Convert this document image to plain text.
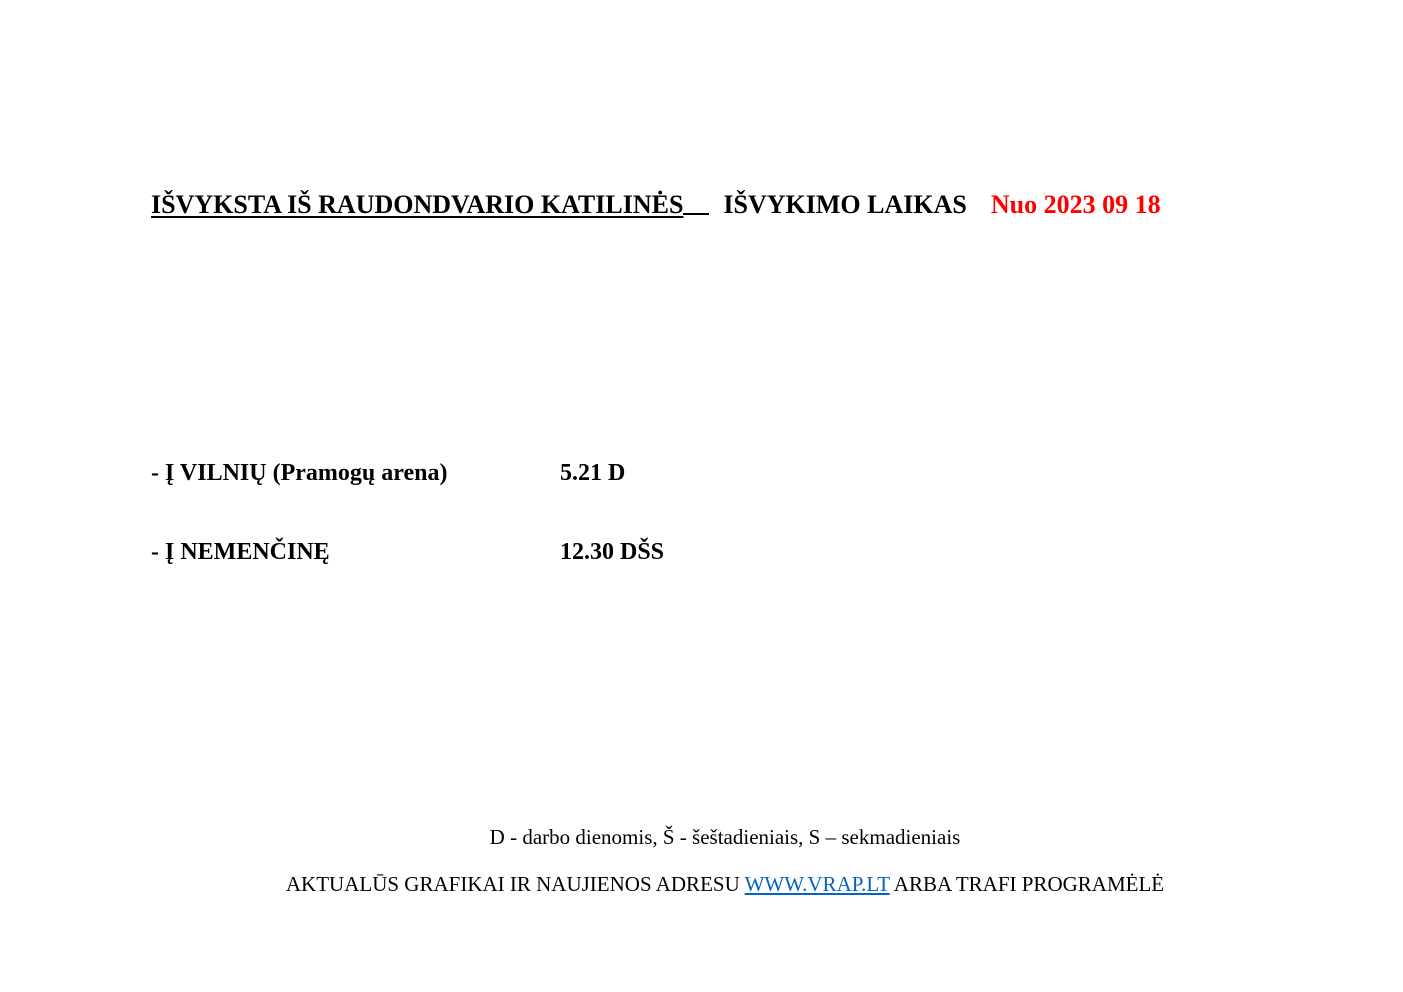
IŠVYKSTA IŠ RAUDONDVARIO KATILINĖS IŠVYKIMO LAIKAS Nuo 2023 09 18
- Į VILNIŲ (Pramogų arena)	5.21 D
- Į NEMENČINĘ	12.30 DŠS
D - darbo dienomis, Š - šeštadieniais, S – sekmadieniais
AKTUALŪS GRAFIKAI IR NAUJIENOS ADRESU WWW.VRAP.LT ARBA TRAFI PROGRAMĖLĖ
